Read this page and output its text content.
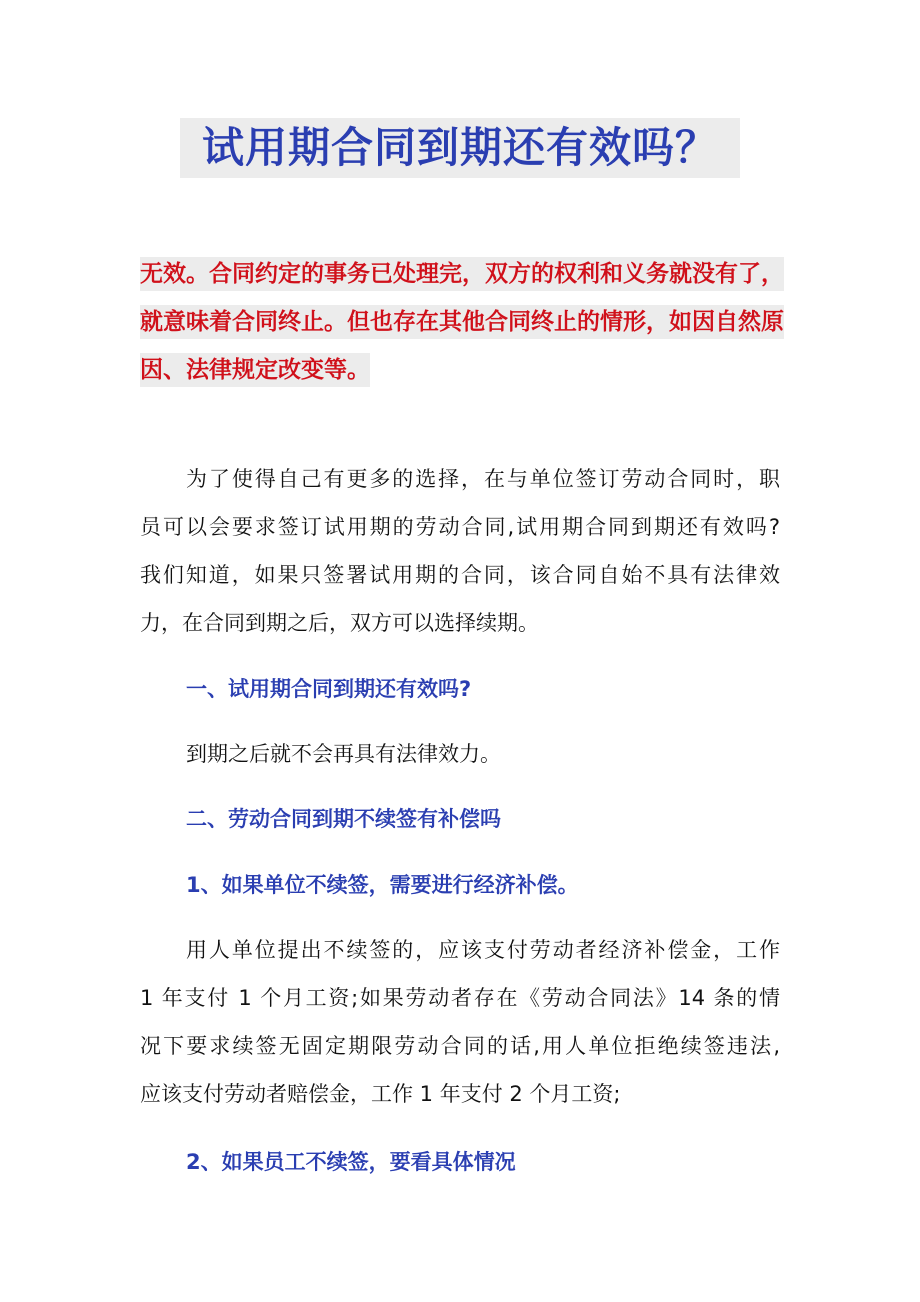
试用期合同到期还有效吗？
无效。合同约定的事务已处理完，双方的权利和义务就没有了，
就意味着合同终止。但也存在其他合同终止的情形，如因自然原
因、法律规定改变等。
为了使得自己有更多的选择，在与单位签订劳动合同时，职
员可以会要求签订试用期的劳动合同,试用期合同到期还有效吗?
我们知道，如果只签署试用期的合同，该合同自始不具有法律效
力，在合同到期之后，双方可以选择续期。
一、试用期合同到期还有效吗?
到期之后就不会再具有法律效力。
二、劳动合同到期不续签有补偿吗
1、如果单位不续签，需要进行经济补偿。
用人单位提出不续签的，应该支付劳动者经济补偿金，工作
1 年支付 1 个月工资;如果劳动者存在《劳动合同法》14 条的情
况下要求续签无固定期限劳动合同的话,用人单位拒绝续签违法,
应该支付劳动者赔偿金，工作 1 年支付 2 个月工资;
2、如果员工不续签，要看具体情况
